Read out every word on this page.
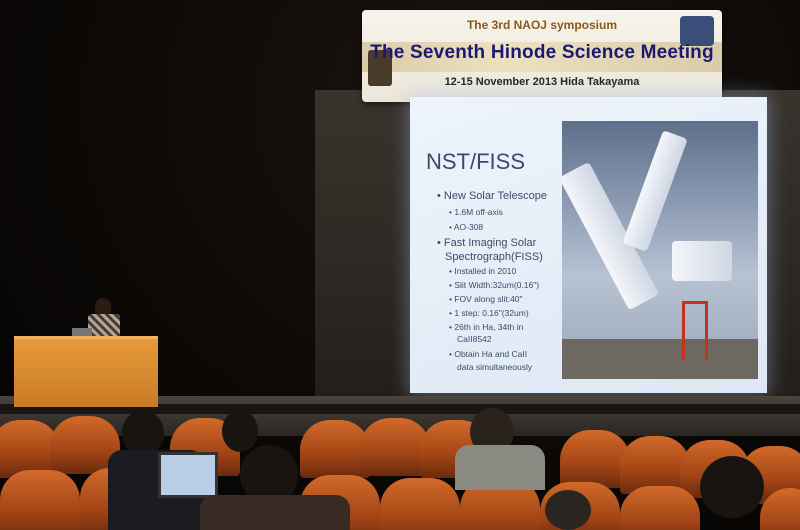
The 3rd NAOJ symposium
The Seventh Hinode Science Meeting
12-15 November 2013 Hida Takayama
NST/FISS
• New Solar Telescope
• 1.6M off-axis
• AO-308
• Fast Imaging Solar
Spectrograph(FISS)
• Installed in 2010
• Slit Width:32um(0.16")
• FOV along slit:40"
• 1 step: 0.16"(32um)
• 26th in Ha, 34th in
CaII8542
• Obtain Ha and CaII
data simultaneously
